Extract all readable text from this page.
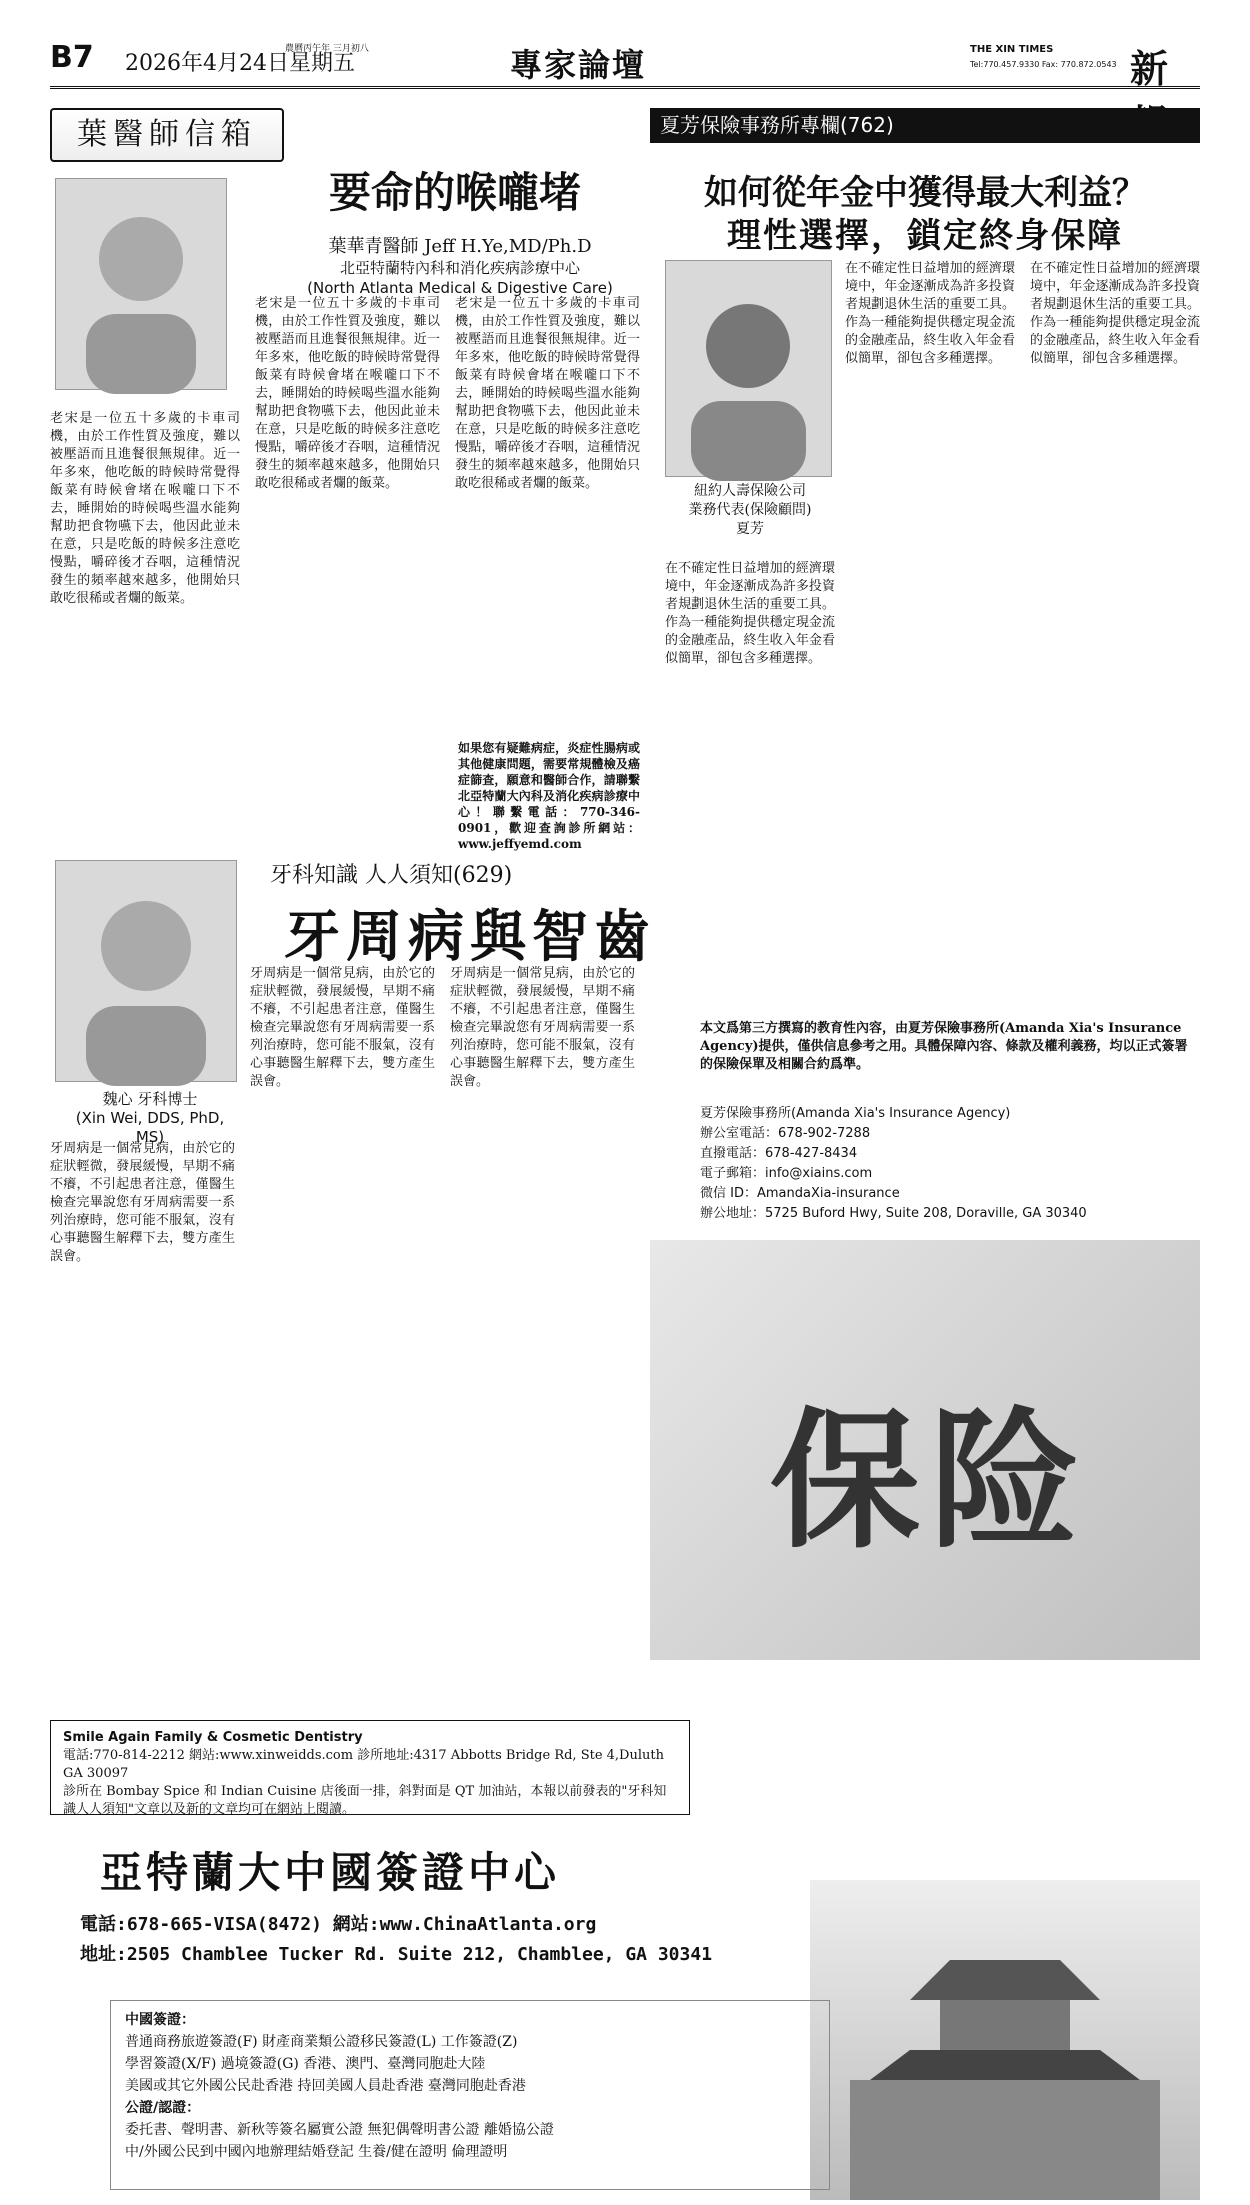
B7 2026年4月24日星期五
農曆丙午年 三月初八	專家論壇	THE XIN TIMES
Tel:770.457.9330 Fax: 770.872.0543 新
葉醫師信箱
要命的喉嚨堵
葉華青醫師 Jeff H.Ye,MD/Ph.D
北亞特蘭特內科和消化疾病診療中心
(North Atlanta Medical & Digestive Care)
老宋是一位五十多歲的卡車司機，由於工作性質及強度，難以被壓語而且進餐很無規律。近一年多來，他吃飯的時候時常覺得飯菜有時候會堵在喉嚨口下不去，睡開始的時候喝些溫水能夠幫助把食物嚥下去，他因此並未在意，只是吃飯的時候多注意吃慢點，嚼碎後才吞咽，這種情況發生的頻率越來越多，他開始只敢吃很稀或者爛的飯菜。
老宋是一位五十多歲的卡車司機，由於工作性質及強度，難以被壓語而且進餐很無規律。近一年多來，他吃飯的時候時常覺得飯菜有時候會堵在喉嚨口下不去，睡開始的時候喝些溫水能夠幫助把食物嚥下去，他因此並未在意，只是吃飯的時候多注意吃慢點，嚼碎後才吞咽，這種情況發生的頻率越來越多，他開始只敢吃很稀或者爛的飯菜。
老宋是一位五十多歲的卡車司機，由於工作性質及強度，難以被壓語而且進餐很無規律。近一年多來，他吃飯的時候時常覺得飯菜有時候會堵在喉嚨口下不去，睡開始的時候喝些溫水能夠幫助把食物嚥下去，他因此並未在意，只是吃飯的時候多注意吃慢點，嚼碎後才吞咽，這種情況發生的頻率越來越多，他開始只敢吃很稀或者爛的飯菜。
如果您有疑難病症，炎症性腸病或其他健康問題，需要常規體檢及癌症篩查，願意和醫師合作，請聯繫北亞特蘭大內科及消化疾病診療中心！聯繫電話：770-346-0901，歡迎查詢診所網站：www.jeffyemd.com
牙科知識 人人須知(629)
牙周病與智齒
魏心 牙科博士
(Xin Wei, DDS, PhD, MS)
牙周病是一個常見病，由於它的症狀輕微，發展緩慢，早期不痛不癢，不引起患者注意，僅醫生檢查完畢說您有牙周病需要一系列治療時，您可能不服氣，沒有心事聽醫生解釋下去，雙方產生誤會。
牙周病是一個常見病，由於它的症狀輕微，發展緩慢，早期不痛不癢，不引起患者注意，僅醫生檢查完畢說您有牙周病需要一系列治療時，您可能不服氣，沒有心事聽醫生解釋下去，雙方產生誤會。
牙周病是一個常見病，由於它的症狀輕微，發展緩慢，早期不痛不癢，不引起患者注意，僅醫生檢查完畢說您有牙周病需要一系列治療時，您可能不服氣，沒有心事聽醫生解釋下去，雙方產生誤會。
Smile Again Family & Cosmetic Dentistry
電話:770-814-2212 網站:www.xinweidds.com 診所地址:4317 Abbotts Bridge Rd, Ste 4,Duluth GA 30097
診所在 Bombay Spice 和 Indian Cuisine 店後面一排，斜對面是 QT 加油站，本報以前發表的"牙科知識人人須知"文章以及新的文章均可在網站上閱讀。
夏芳保險事務所專欄(762)
如何從年金中獲得最大利益？
理性選擇，鎖定終身保障
紐約人壽保險公司
業務代表(保險顧問)
夏芳
在不確定性日益增加的經濟環境中，年金逐漸成為許多投資者規劃退休生活的重要工具。作為一種能夠提供穩定現金流的金融產品，終生收入年金看似簡單，卻包含多種選擇。
在不確定性日益增加的經濟環境中，年金逐漸成為許多投資者規劃退休生活的重要工具。作為一種能夠提供穩定現金流的金融產品，終生收入年金看似簡單，卻包含多種選擇。
在不確定性日益增加的經濟環境中，年金逐漸成為許多投資者規劃退休生活的重要工具。作為一種能夠提供穩定現金流的金融產品，終生收入年金看似簡單，卻包含多種選擇。
本文爲第三方撰寫的教育性內容，由夏芳保險事務所(Amanda Xia's Insurance Agency)提供，僅供信息參考之用。具體保障內容、條款及權利義務，均以正式簽署的保險保單及相關合約爲準。
夏芳保險事務所(Amanda Xia's Insurance Agency)
辦公室電話：678-902-7288
直撥電話：678-427-8434
電子郵箱：info@xiains.com
微信 ID：AmandaXia-insurance
辦公地址：5725 Buford Hwy, Suite 208, Doraville, GA 30340
保险
亞特蘭大中國簽證中心
電話:678-665-VISA(8472) 網站:www.ChinaAtlanta.org
地址:2505 Chamblee Tucker Rd. Suite 212, Chamblee, GA 30341
中國簽證：
普通商務旅遊簽證(F) 財產商業類公證移民簽證(L) 工作簽證(Z)
學習簽證(X/F) 過境簽證(G) 香港、澳門、臺灣同胞赴大陸
美國或其它外國公民赴香港 持回美國人員赴香港 臺灣同胞赴香港
公證/認證：
委托書、聲明書、新秋等簽名屬實公證 無犯偶聲明書公證 離婚協公證
中/外國公民到中國內地辦理結婚登記 生養/健在證明 倫理證明
